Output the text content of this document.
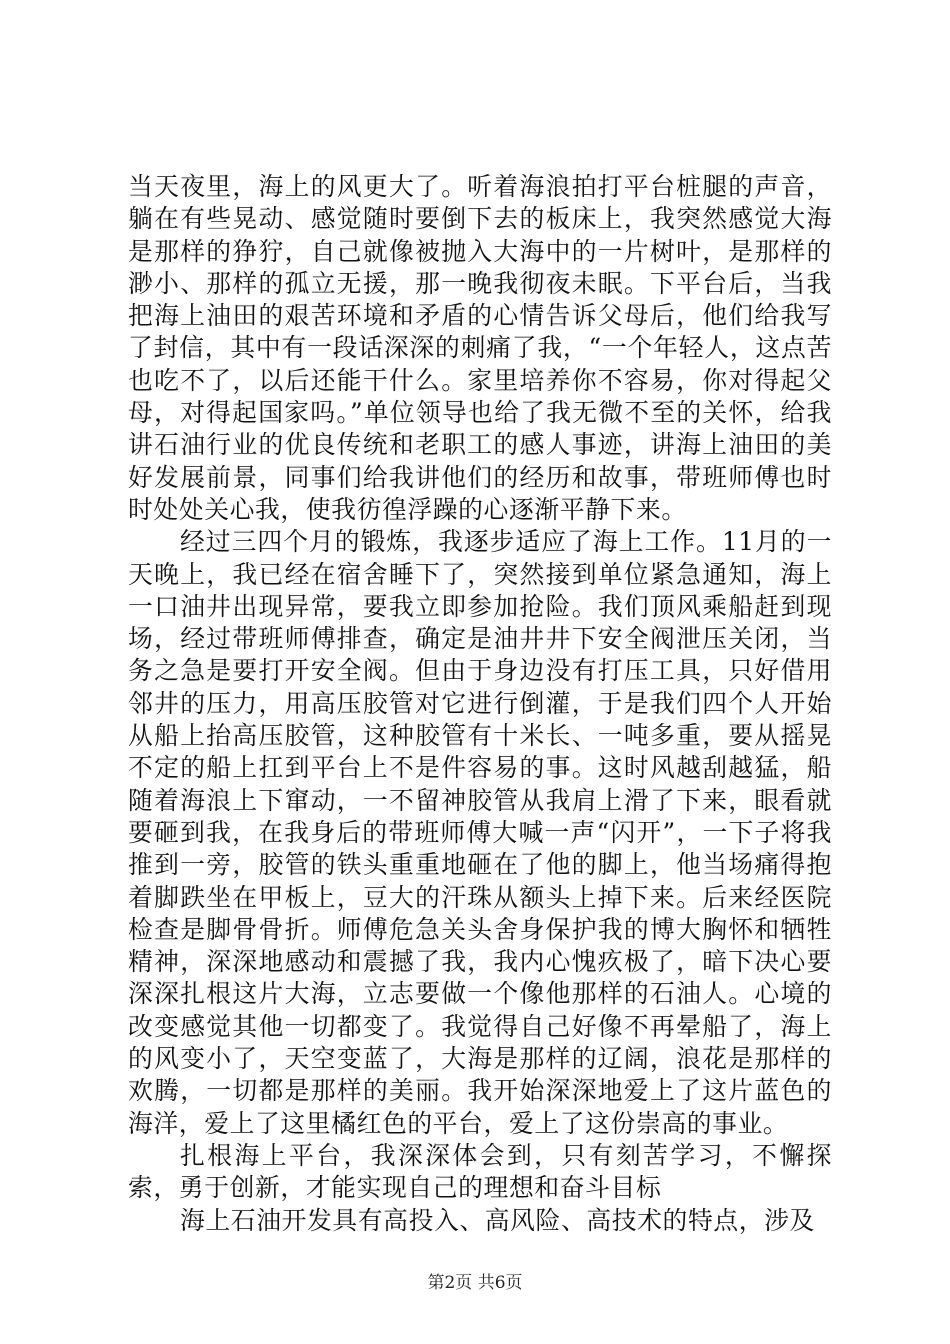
当天夜里，海上的风更大了。听着海浪拍打平台桩腿的声音，躺在有些晃动、感觉随时要倒下去的板床上，我突然感觉大海是那样的狰狞，自己就像被抛入大海中的一片树叶，是那样的渺小、那样的孤立无援，那一晚我彻夜未眠。下平台后，当我把海上油田的艰苦环境和矛盾的心情告诉父母后，他们给我写了封信，其中有一段话深深的刺痛了我，“一个年轻人，这点苦也吃不了，以后还能干什么。家里培养你不容易，你对得起父母，对得起国家吗。”单位领导也给了我无微不至的关怀，给我讲石油行业的优良传统和老职工的感人事迹，讲海上油田的美好发展前景，同事们给我讲他们的经历和故事，带班师傅也时时处处关心我，使我彷徨浮躁的心逐渐平静下来。

经过三四个月的锻炼，我逐步适应了海上工作。11月的一天晚上，我已经在宿舍睡下了，突然接到单位紧急通知，海上一口油井出现异常，要我立即参加抢险。我们顶风乘船赶到现场，经过带班师傅排查，确定是油井井下安全阀泄压关闭，当务之急是要打开安全阀。但由于身边没有打压工具，只好借用邻井的压力，用高压胶管对它进行倒灌，于是我们四个人开始从船上抬高压胶管，这种胶管有十米长、一吨多重，要从摇晃不定的船上扛到平台上不是件容易的事。这时风越刮越猛，船随着海浪上下窜动，一不留神胶管从我肩上滑了下来，眼看就要砸到我，在我身后的带班师傅大喊一声“闪开”，一下子将我推到一旁，胶管的铁头重重地砸在了他的脚上，他当场痛得抱着脚跌坐在甲板上，豆大的汗珠从额头上掉下来。后来经医院检查是脚骨骨折。师傅危急关头舍身保护我的博大胸怀和牺牲精神，深深地感动和震撼了我，我内心愧疚极了，暗下决心要深深扎根这片大海，立志要做一个像他那样的石油人。心境的改变感觉其他一切都变了。我觉得自己好像不再晕船了，海上的风变小了，天空变蓝了，大海是那样的辽阔，浪花是那样的欢腾，一切都是那样的美丽。我开始深深地爱上了这片蓝色的海洋，爱上了这里橘红色的平台，爱上了这份崇高的事业。

扎根海上平台，我深深体会到，只有刻苦学习，不懈探索，勇于创新，才能实现自己的理想和奋斗目标

海上石油开发具有高投入、高风险、高技术的特点，涉及

第2页 共6页
